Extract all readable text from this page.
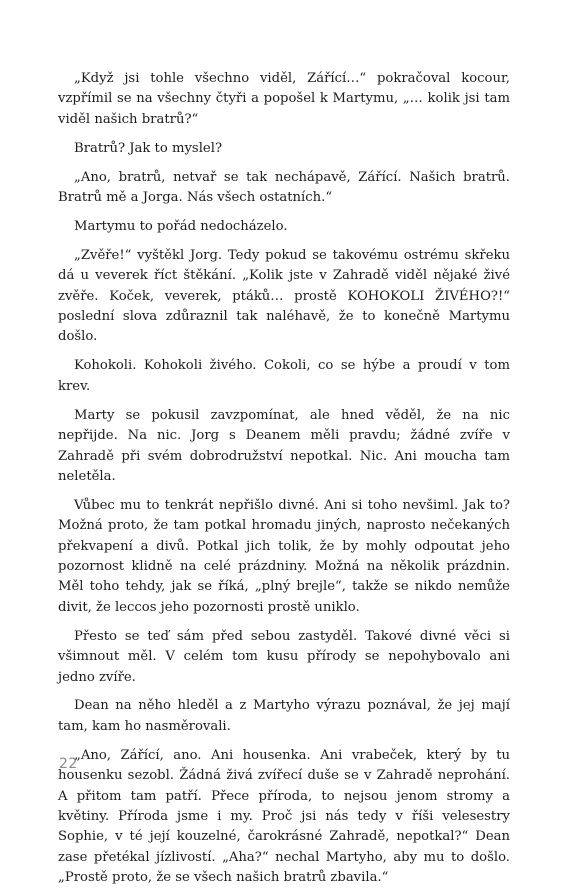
„Když jsi tohle všechno viděl, Zářící…“ pokračoval kocour, vzpřímil se na všechny čtyři a popošel k Martymu, „… kolik jsi tam viděl našich bratrů?“

Bratrů? Jak to myslel?

„Ano, bratrů, netvař se tak nechápavě, Zářící. Našich bratrů. Bratrů mě a Jorga. Nás všech ostatních.“

Martymu to pořád nedocházelo.

„Zvěře!“ vyštěkl Jorg. Tedy pokud se takovému ostrému skřeku dá u veverek říct štěkání. „Kolik jste v Zahradě viděl nějaké živé zvěře. Koček, veverek, ptáků… prostě KOHOKOLI ŽIVÉHO?!“ poslední slova zdůraznil tak naléhavě, že to konečně Martymu došlo.

Kohokoli. Kohokoli živého. Cokoli, co se hýbe a proudí v tom krev.

Marty se pokusil zavzpomínat, ale hned věděl, že na nic nepřijde. Na nic. Jorg s Deanem měli pravdu; žádné zvíře v Zahradě při svém dobrodružství nepotkal. Nic. Ani moucha tam neletěla.

Vůbec mu to tenkrát nepřišlo divné. Ani si toho nevšiml. Jak to? Možná proto, že tam potkal hromadu jiných, naprosto nečekaných překvapení a divů. Potkal jich tolik, že by mohly odpoutat jeho pozornost klidně na celé prázdniny. Možná na několik prázdnin. Měl toho tehdy, jak se říká, „plný brejle“, takže se nikdo nemůže divit, že leccos jeho pozornosti prostě uniklo.

Přesto se teď sám před sebou zastyděl. Takové divné věci si všimnout měl. V celém tom kusu přírody se nepohybovalo ani jedno zvíře.

Dean na něho hleděl a z Martyho výrazu poznával, že jej mají tam, kam ho nasměrovali.

„Ano, Zářící, ano. Ani housenka. Ani vrabeček, který by tu housenku sezobl. Žádná živá zvířecí duše se v Zahradě neprohání. A přitom tam patří. Přece přírodа, to nejsou jenom stromy a květiny. Příroda jsme i my. Proč jsi nás tedy v říši velesestry Sophie, v té její kouzelné, čarokrásné Zahradě, nepotkal?“ Dean zase přetékal jízlivostí. „Aha?“ nechal Martyho, aby mu to došlo. „Prostě proto, že se všech našich bratrů zbavila.“

22
